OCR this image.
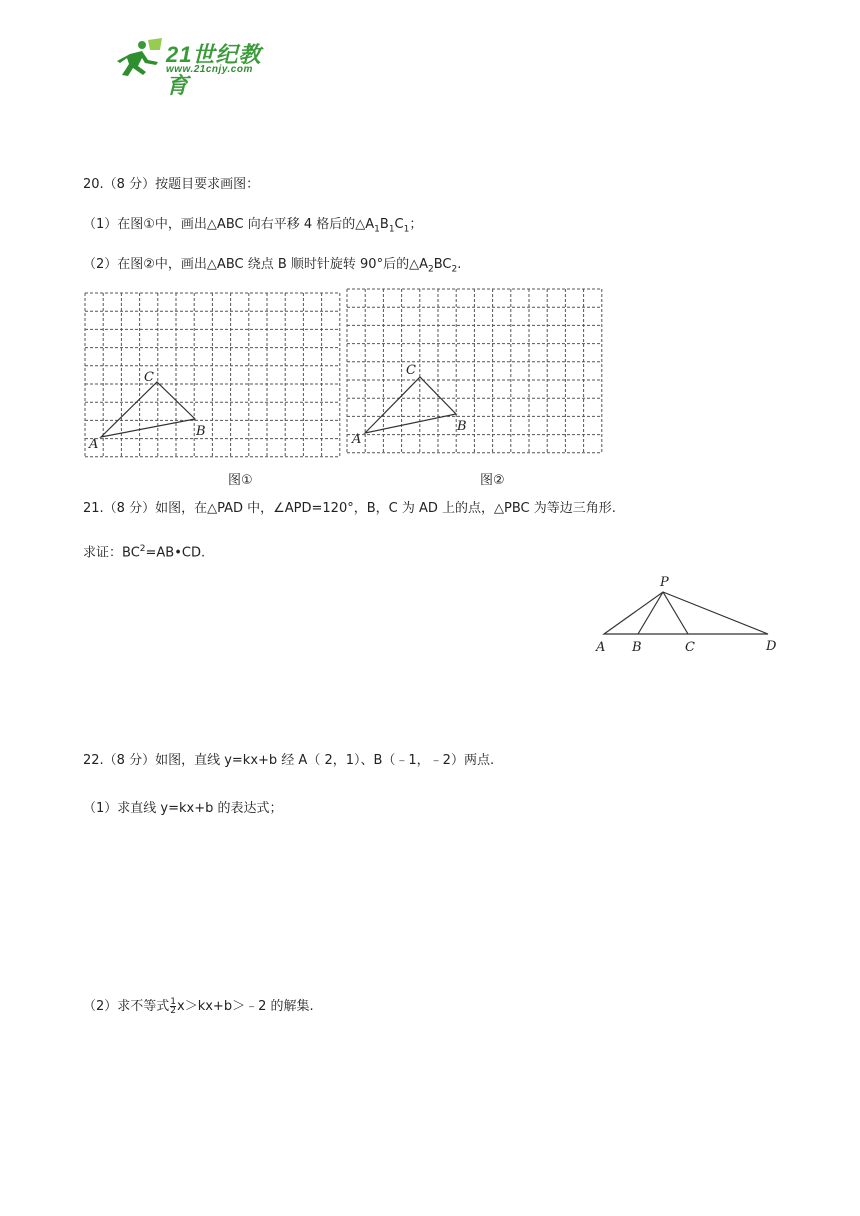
21世纪教育
www.21cnjy.com
20.（8 分）按题目要求画图：
（1）在图①中，画出△ABC 向右平移 4 格后的$\triangle A_1B_1C_1$；
（2）在图②中，画出△ABC 绕点 B 顺时针旋转 90°后的$\triangle A_2BC_2$.
A
B
C
A
B
C
图①	图②
21.（8 分）如图，在△PAD 中，∠APD=120°，B，C 为 AD 上的点，△PBC 为等边三角形.
求证：$BC^2=AB•CD$.
P
A B	C	D
22.（8 分）如图，直线 y=kx+b 经 A（ 2，1）、B（﹣1，﹣2）两点.
（1）求直线 y=kx+b 的表达式；
（2）求不等式 $\frac{1}{2}$ x＞kx+b＞﹣2 的解集.
